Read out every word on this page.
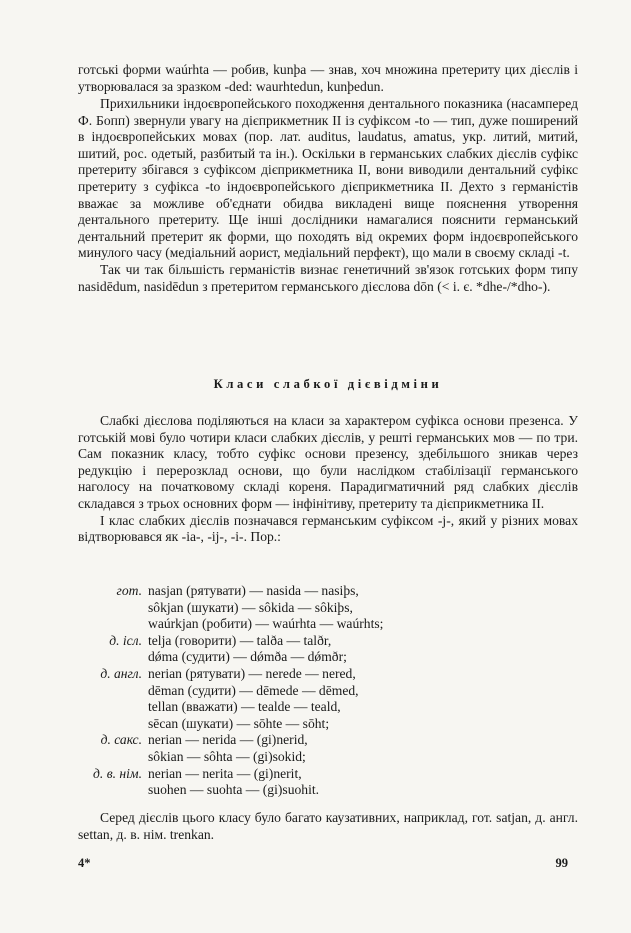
готські форми waúrhta — робив, kunþa — знав, хоч множина претериту цих дієслів і утворювалася за зразком -ded: waurhtedun, kunþedun.

Прихильники індоєвропейського походження дентального показника (насамперед Ф. Бопп) звернули увагу на дієприкметник II із суфіксом -to — тип, дуже поширений в індоєвропейських мовах (пор. лат. auditus, laudatus, amatus, укр. литий, митий, шитий, рос. одетый, разбитый та ін.). Оскільки в германських слабких дієслів суфікс претериту збігався з суфіксом дієприкметника II, вони виводили дентальний суфікс претериту з суфікса -to індоєвропейського дієприкметника II. Дехто з германістів вважає за можливе об'єднати обидва викладені вище пояснення утворення дентального претериту. Ще інші дослідники намагалися пояснити германський дентальний претерит як форми, що походять від окремих форм індоєвропейського минулого часу (медіальний аорист, медіальний перфект), що мали в своєму складі -t.

Так чи так більшість германістів визнає генетичний зв'язок готських форм типу nasidēdum, nasidēdun з претеритом германського дієслова dōn (< і. є. *dhe-/*dho-).

Класи слабкої дієвідміни

Слабкі дієслова поділяються на класи за характером суфікса основи презенса. У готській мові було чотири класи слабких дієслів, у решті германських мов — по три. Сам показник класу, тобто суфікс основи презенсу, здебільшого зникав через редукцію і перерозклад основи, що були наслідком стабілізації германського наголосу на початковому складі кореня. Парадигматичний ряд слабких дієслів складався з трьох основних форм — інфінітиву, претериту та дієприкметника II.

І клас слабких дієслів позначався германським суфіксом -j-, який у різних мовах відтворювався як -ia-, -ij-, -i-. Пор.:

гот. nasjan (рятувати) — nasida — nasiþs,
sôkjan (шукати) — sôkida — sôkiþs,
waúrkjan (робити) — waúrhta — waúrhts;
д. ісл. telja (говорити) — talða — talðr,
dǿma (судити) — dǿmða — dǿmðr;
д. англ. nerian (рятувати) — nerede — nered,
dēman (судити) — dēmede — dēmed,
tellan (вважати) — tealde — teald,
sēcan (шукати) — sōhte — sōht;
д. сакс. nerian — nerida — (gi)nerid,
sôkian — sôhta — (gi)sokid;
д. в. нім. nerian — nerita — (gi)nerit,
suohen — suohta — (gi)suohit.

Серед дієслів цього класу було багато каузативних, наприклад, гот. satjan, д. англ. settan, д. в. нім. trenkan.

4*	99
